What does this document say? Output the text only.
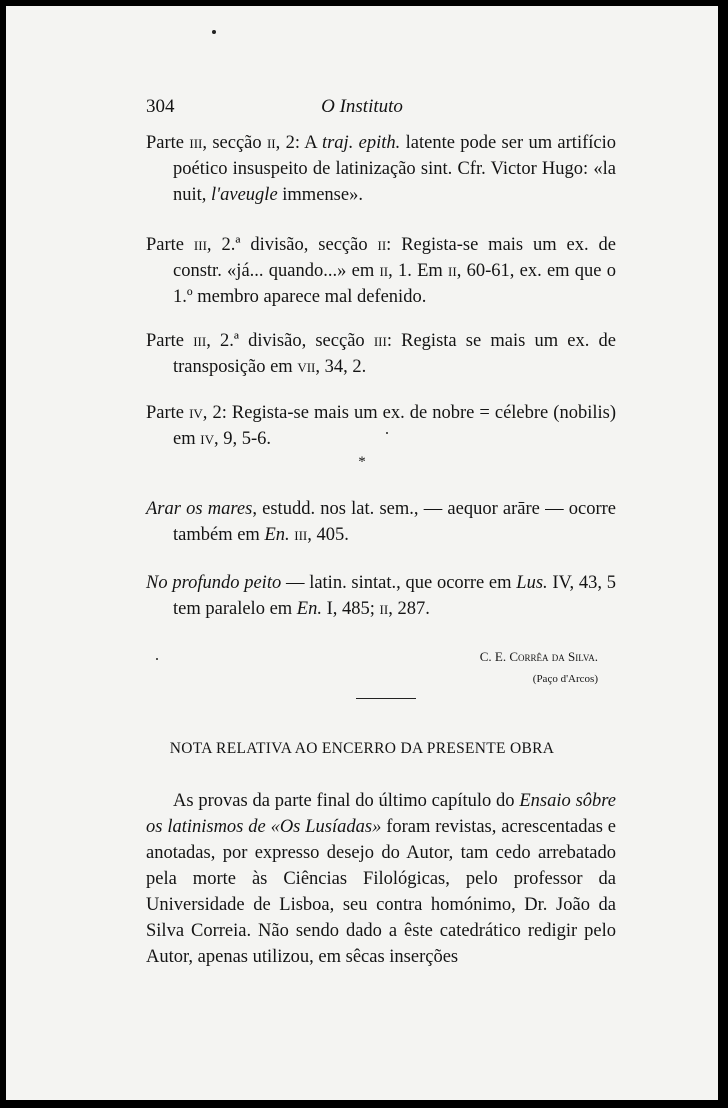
304	O Instituto

Parte iii, secção ii, 2: A traj. epith. latente pode ser um artifício poético insuspeito de latinização sint. Cfr. Victor Hugo: «la nuit, l'aveugle immense».

Parte iii, 2.ª divisão, secção ii: Regista-se mais um ex. de constr. «já... quando...» em ii, 1. Em ii, 60-61, ex. em que o 1.º membro aparece mal defenido.

Parte iii, 2.ª divisão, secção iii: Regista se mais um ex. de transposição em vii, 34, 2.

Parte iv, 2: Regista-se mais um ex. de nobre = célebre (nobilis) em iv, 9, 5-6.

*

Arar os mares, estudd. nos lat. sem., — aequor arāre — ocorre também em En. iii, 405.

No profundo peito — latin. sintat., que ocorre em Lus. IV, 43, 5 tem paralelo em En. I, 485; ii, 287.

C. E. Corrêa da Silva.
(Paço d'Arcos)
NOTA RELATIVA AO ENCERRO DA PRESENTE OBRA
As provas da parte final do último capítulo do Ensaio sôbre os latinismos de «Os Lusíadas» foram revistas, acrescentadas e anotadas, por expresso desejo do Autor, tam cedo arrebatado pela morte às Ciências Filológicas, pelo professor da Universidade de Lisboa, seu contra homónimo, Dr. João da Silva Correia. Não sendo dado a êste catedrático redigir pelo Autor, apenas utilizou, em sêcas inserções
